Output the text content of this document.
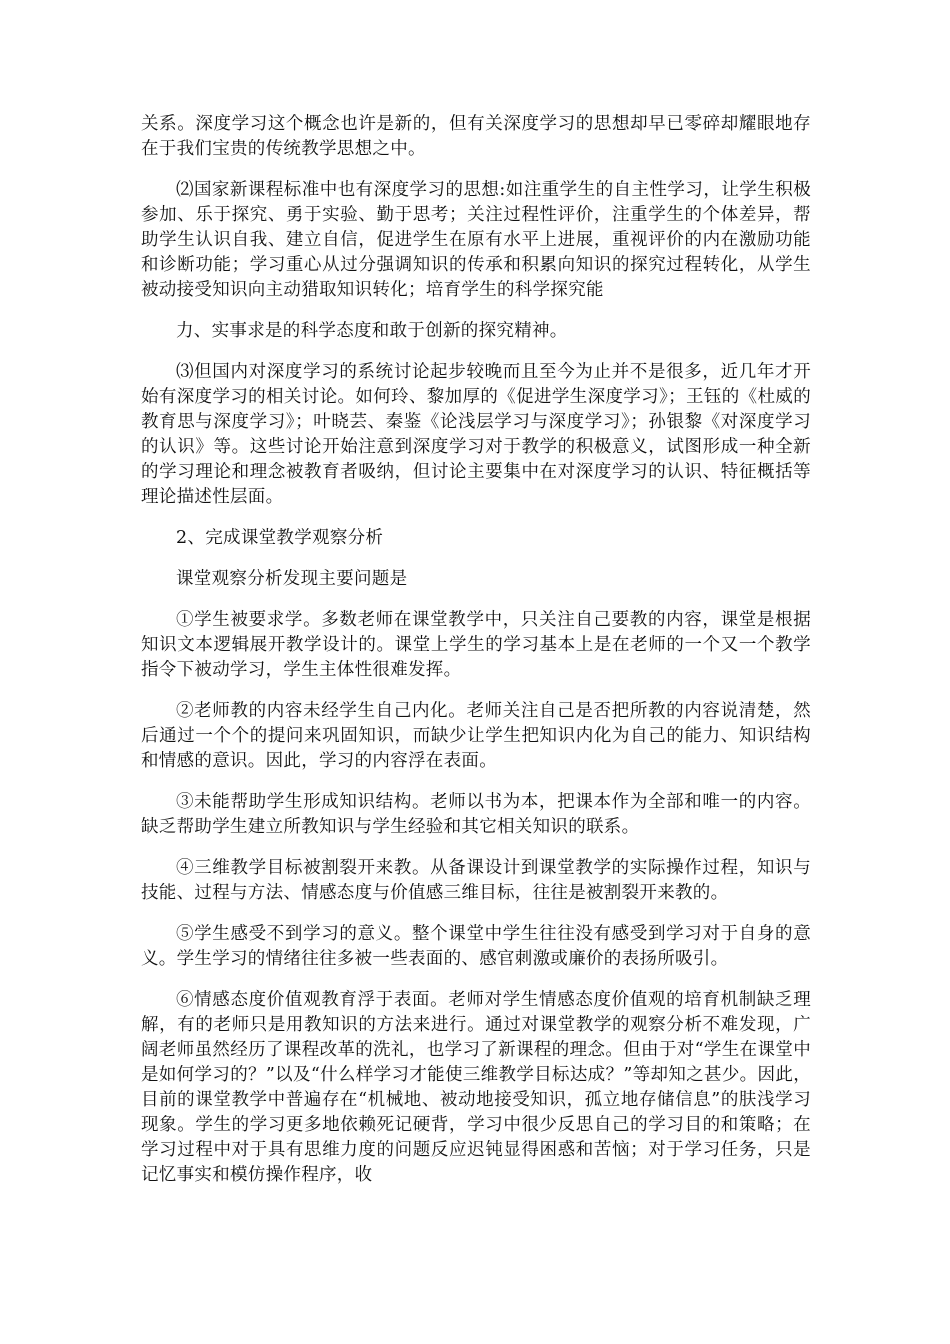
关系。深度学习这个概念也许是新的，但有关深度学习的思想却早已零碎却耀眼地存在于我们宝贵的传统教学思想之中。

⑵国家新课程标准中也有深度学习的思想:如注重学生的自主性学习，让学生积极参加、乐于探究、勇于实验、勤于思考；关注过程性评价，注重学生的个体差异，帮助学生认识自我、建立自信，促进学生在原有水平上进展，重视评价的内在激励功能和诊断功能；学习重心从过分强调知识的传承和积累向知识的探究过程转化，从学生被动接受知识向主动猎取知识转化；培育学生的科学探究能

力、实事求是的科学态度和敢于创新的探究精神。

⑶但国内对深度学习的系统讨论起步较晚而且至今为止并不是很多，近几年才开始有深度学习的相关讨论。如何玲、黎加厚的《促进学生深度学习》；王钰的《杜威的教育思与深度学习》；叶晓芸、秦鉴《论浅层学习与深度学习》；孙银黎《对深度学习的认识》等。这些讨论开始注意到深度学习对于教学的积极意义，试图形成一种全新的学习理论和理念被教育者吸纳，但讨论主要集中在对深度学习的认识、特征概括等理论描述性层面。

2、完成课堂教学观察分析

课堂观察分析发现主要问题是

①学生被要求学。多数老师在课堂教学中，只关注自己要教的内容，课堂是根据知识文本逻辑展开教学设计的。课堂上学生的学习基本上是在老师的一个又一个教学指令下被动学习，学生主体性很难发挥。

②老师教的内容未经学生自己内化。老师关注自己是否把所教的内容说清楚，然后通过一个个的提问来巩固知识，而缺少让学生把知识内化为自己的能力、知识结构和情感的意识。因此，学习的内容浮在表面。

③未能帮助学生形成知识结构。老师以书为本，把课本作为全部和唯一的内容。缺乏帮助学生建立所教知识与学生经验和其它相关知识的联系。

④三维教学目标被割裂开来教。从备课设计到课堂教学的实际操作过程，知识与技能、过程与方法、情感态度与价值感三维目标，往往是被割裂开来教的。

⑤学生感受不到学习的意义。整个课堂中学生往往没有感受到学习对于自身的意义。学生学习的情绪往往多被一些表面的、感官刺激或廉价的表扬所吸引。

⑥情感态度价值观教育浮于表面。老师对学生情感态度价值观的培育机制缺乏理解，有的老师只是用教知识的方法来进行。通过对课堂教学的观察分析不难发现，广阔老师虽然经历了课程改革的洗礼，也学习了新课程的理念。但由于对“学生在课堂中是如何学习的？”以及“什么样学习才能使三维教学目标达成？”等却知之甚少。因此，目前的课堂教学中普遍存在“机械地、被动地接受知识，孤立地存储信息”的肤浅学习现象。学生的学习更多地依赖死记硬背，学习中很少反思自己的学习目的和策略；在学习过程中对于具有思维力度的问题反应迟钝显得困惑和苦恼；对于学习任务，只是记忆事实和模仿操作程序，收
